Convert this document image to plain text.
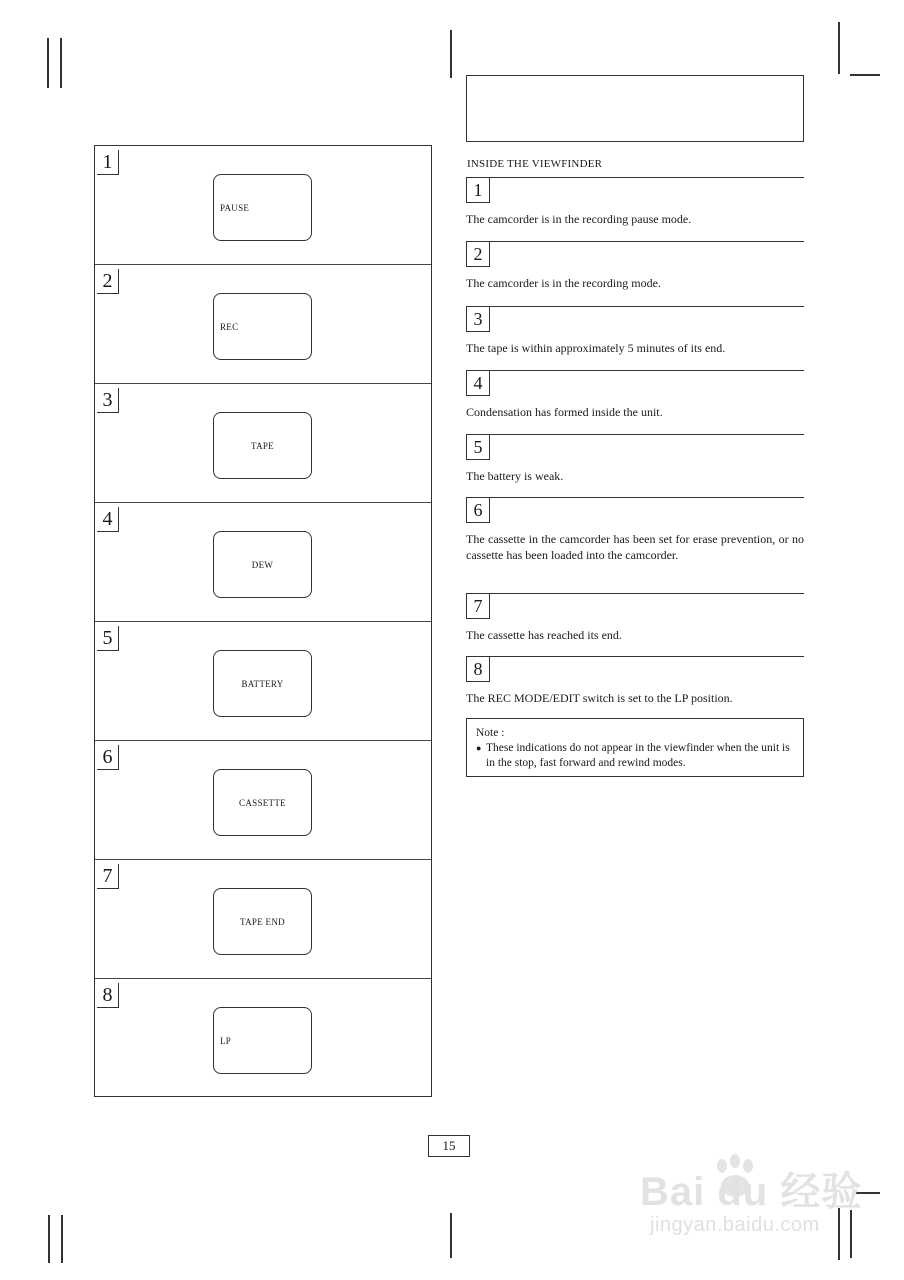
1
PAUSE
2
REC
3
TAPE
4
DEW
5
BATTERY
6
CASSETTE
7
TAPE END
8
LP
INSIDE THE VIEWFINDER
1
The camcorder is in the recording pause mode.
2
The camcorder is in the recording mode.
3
The tape is within approximately 5 minutes of its end.
4
Condensation has formed inside the unit.
5
The battery is weak.
6
The cassette in the camcorder has been set for erase prevention, or no cassette has been loaded into the camcorder.
7
The cassette has reached its end.
8
The REC MODE/EDIT switch is set to the LP position.
Note :
● These indications do not appear in the viewfinder when the unit is in the stop, fast forward and rewind modes.
15
Bai du 经验
jingyan.baidu.com
